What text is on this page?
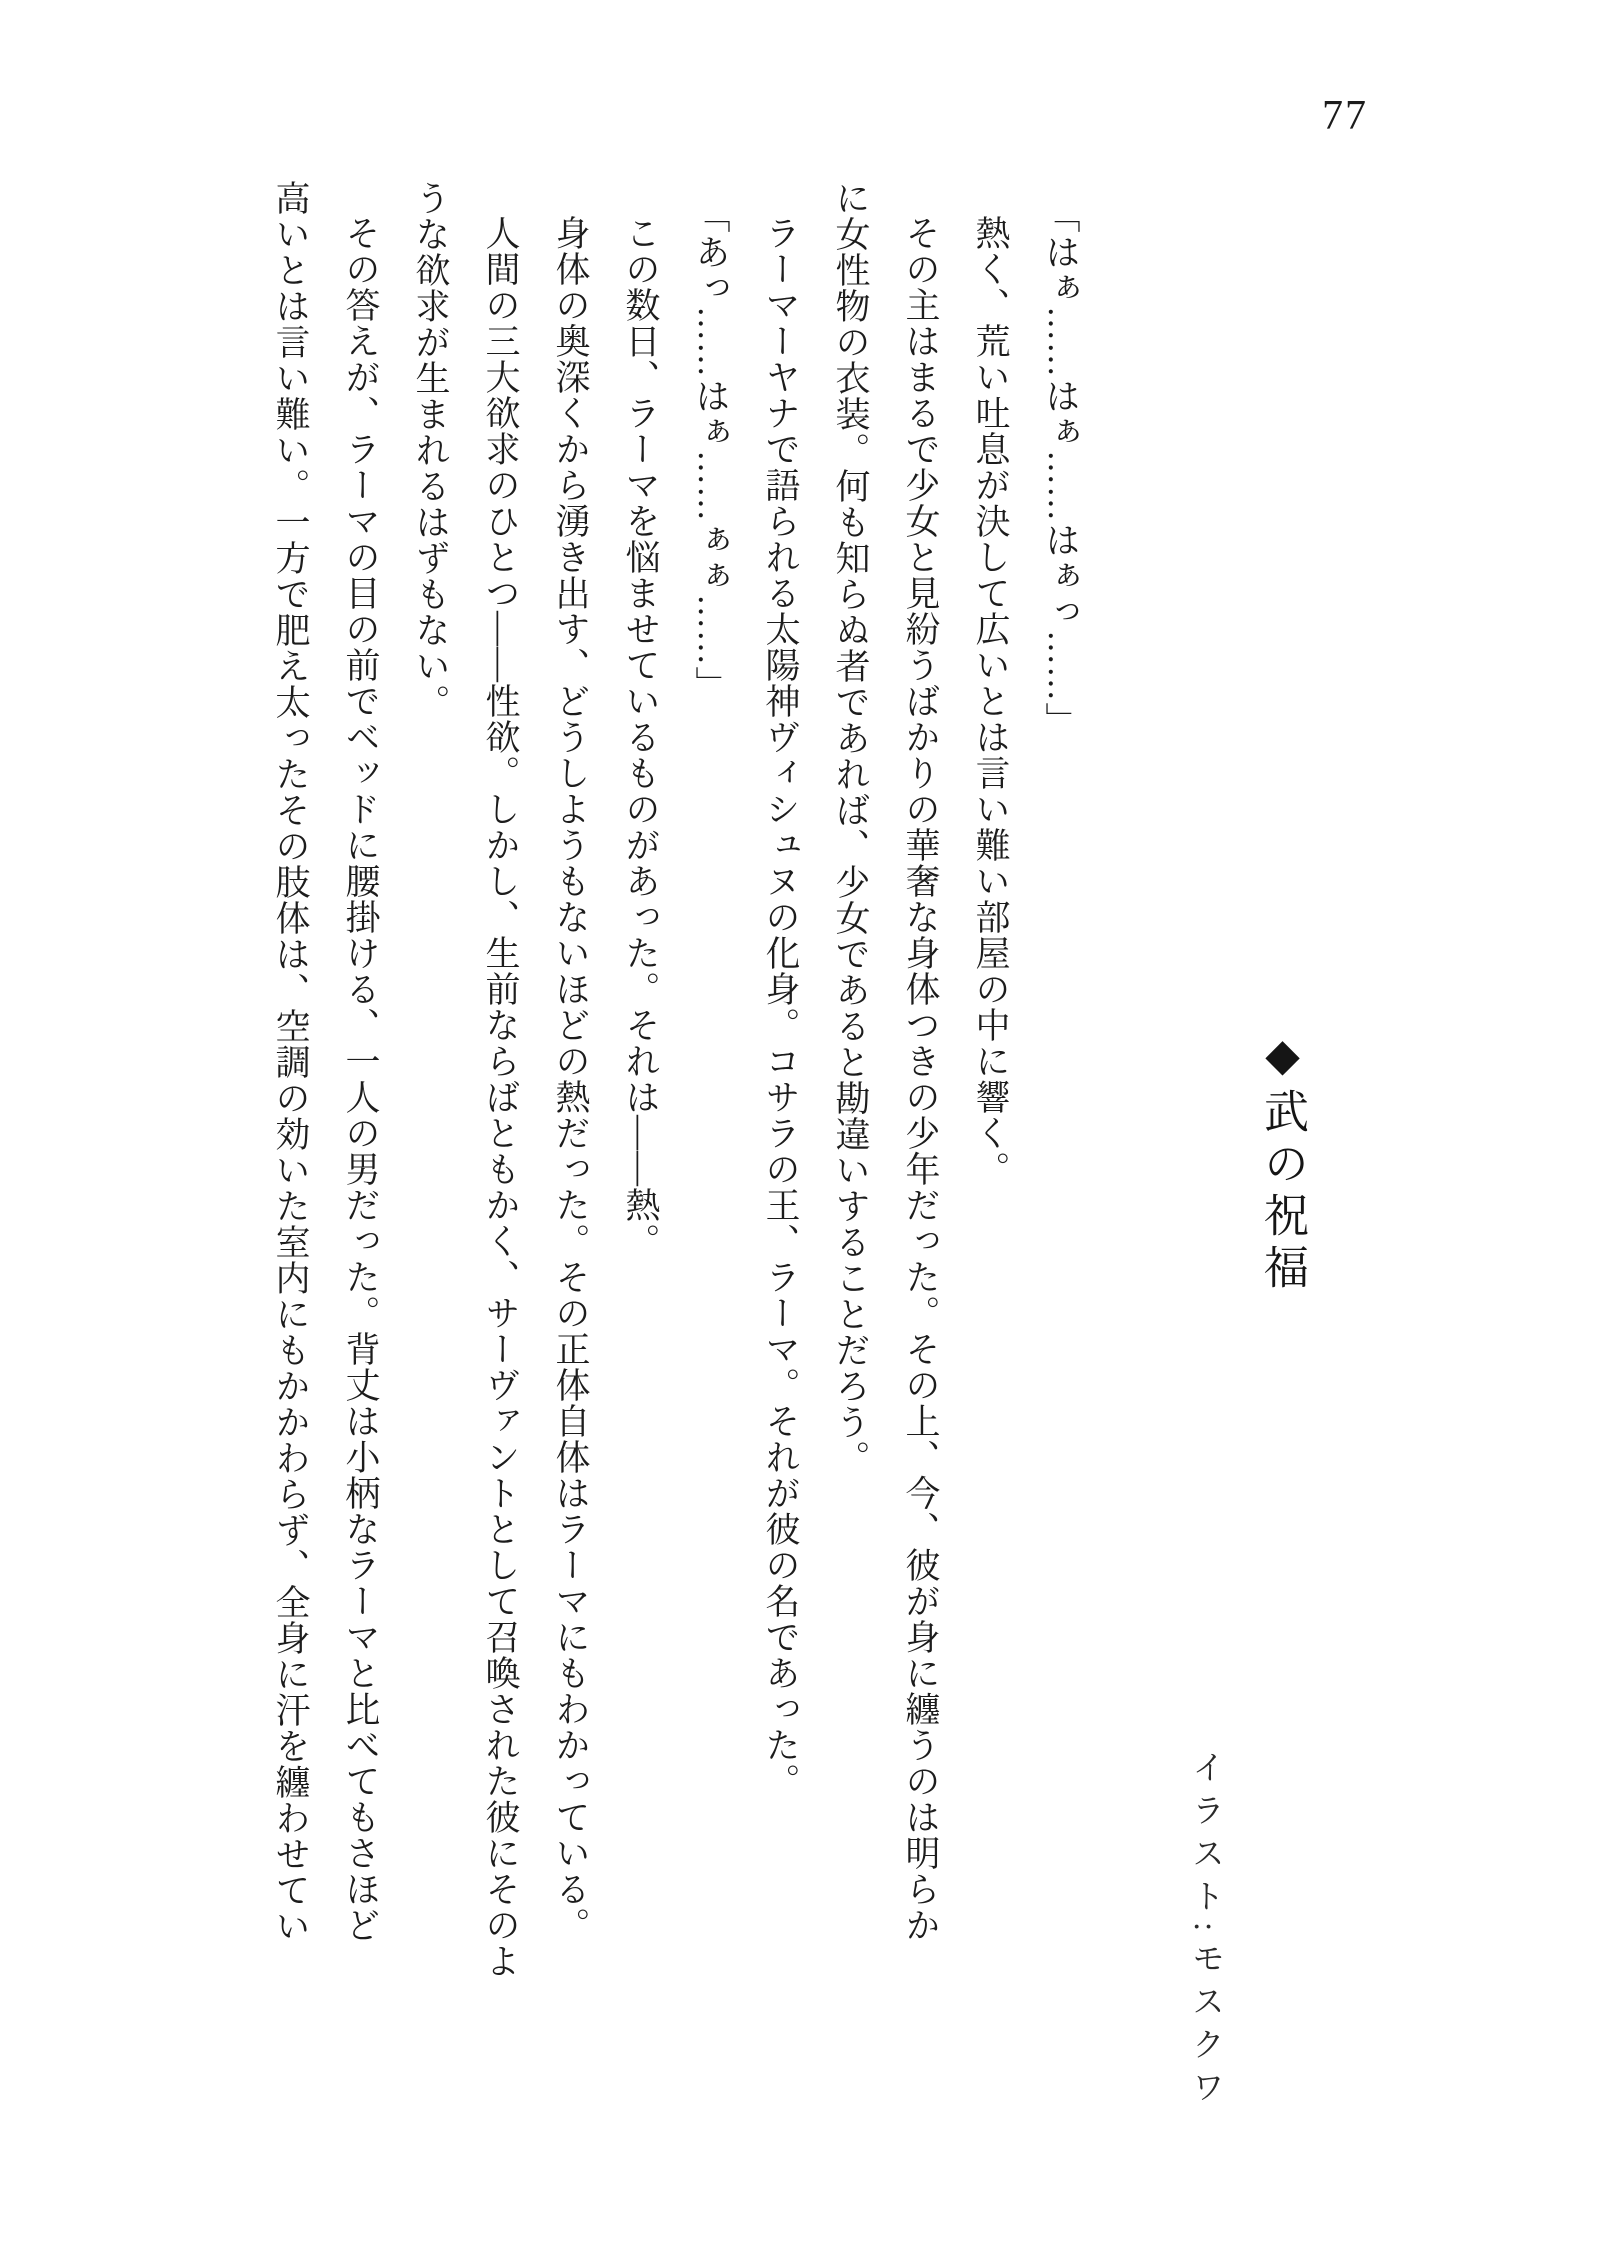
77
◆武の祝福
イラスト:モスクワ

「はぁ……はぁ……はぁっ……」

熱く、荒い吐息が決して広いとは言い難い部屋の中に響く。

その主はまるで少女と見紛うばかりの華奢な身体つきの少年だった。その上、今、彼が身に纏うのは明らか

に女性物の衣装。何も知らぬ者であれば、少女であると勘違いすることだろう。

ラーマーヤナで語られる太陽神ヴィシュヌの化身。コサラの王、ラーマ。それが彼の名であった。

「あっ……はぁ……ぁぁ……」

この数日、ラーマを悩ませているものがあった。それは――熱。

身体の奥深くから湧き出す、どうしようもないほどの熱だった。その正体自体はラーマにもわかっている。

人間の三大欲求のひとつ――性欲。しかし、生前ならばともかく、サーヴァントとして召喚された彼にそのよ

うな欲求が生まれるはずもない。

その答えが、ラーマの目の前でベッドに腰掛ける、一人の男だった。背丈は小柄なラーマと比べてもさほど

高いとは言い難い。一方で肥え太ったその肢体は、空調の効いた室内にもかかわらず、全身に汗を纏わせてい
